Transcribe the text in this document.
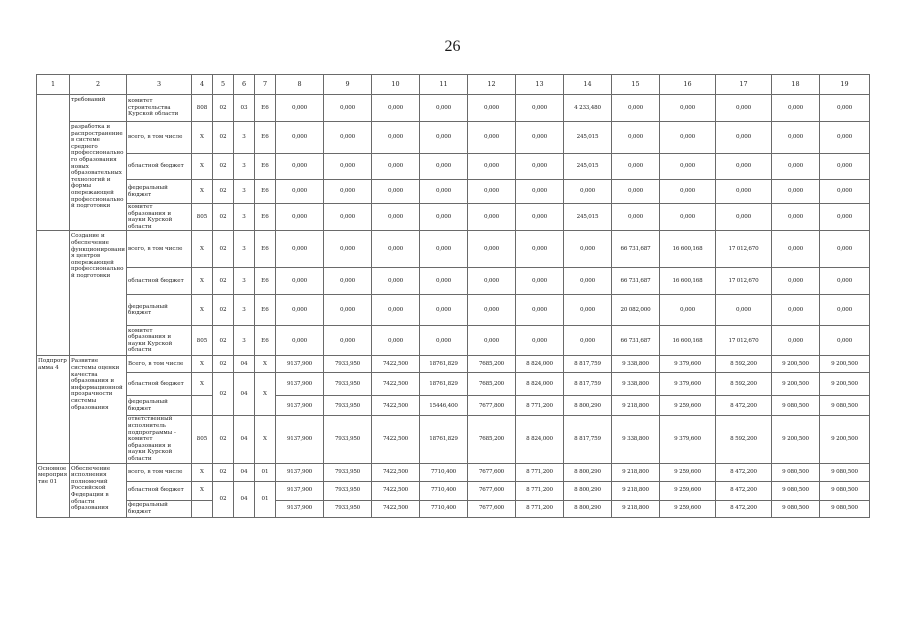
26
1	2	3	4	5	6	7	8	9	10	11	12	13	14	15	16	17	18	19
	требований	комитет строительства Курской области	808	02	03	Е6	0,000	0,000	0,000	0,000	0,000	0,000	4 233,480	0,000	0,000	0,000	0,000	0,000
	разработка и распространение в системе среднего профессионального образования новых образовательных технологий и формы опережающей профессиональной подготовки	всего, в том числе	X	02	3	Е6	0,000	0,000	0,000	0,000	0,000	0,000	245,015	0,000	0,000	0,000	0,000	0,000
		областной бюджет	X	02	3	Е6	0,000	0,000	0,000	0,000	0,000	0,000	245,015	0,000	0,000	0,000	0,000	0,000
		федеральный бюджет	X	02	3	Е6	0,000	0,000	0,000	0,000	0,000	0,000	0,000	0,000	0,000	0,000	0,000	0,000
		комитет образования и науки Курской области	805	02	3	Е6	0,000	0,000	0,000	0,000	0,000	0,000	245,015	0,000	0,000	0,000	0,000	0,000
	Создание и обеспечение функционирования центров опережающей профессиональной подготовки	всего, в том числе	X	02	3	Е6	0,000	0,000	0,000	0,000	0,000	0,000	0,000	66 731,687	16 600,168	17 012,670	0,000	0,000
		областной бюджет	X	02	3	Е6	0,000	0,000	0,000	0,000	0,000	0,000	0,000	66 731,687	16 600,168	17 012,670	0,000	0,000
		федеральный бюджет	X	02	3	Е6	0,000	0,000	0,000	0,000	0,000	0,000	0,000	20 082,000	0,000	0,000	0,000	0,000
		комитет образования и науки Курской области	805	02	3	Е6	0,000	0,000	0,000	0,000	0,000	0,000	0,000	66 731,687	16 600,168	17 012,670	0,000	0,000
Подпрограмма 4	Развитие системы оценки качества образования и информационной прозрачности системы образования	Всего, в том числе	X	02	04	X	9137,900	7933,950	7422,500	18761,829	7685,200	8 824,000	8 817,759	9 338,800	9 379,600	8 592,200	9 200,500	9 200,500
		областной бюджет	X	02	04	X	9137,900	7933,950	7422,500	18761,829	7685,200	8 824,000	8 817,759	9 338,800	9 379,600	8 592,200	9 200,500	9 200,500
		федеральный бюджет					9137,900	7933,950	7422,500	15446,400	7677,800	8 771,200	8 800,290	9 218,800	9 259,600	8 472,200	9 080,500	9 080,500
		ответственный исполнитель подпрограммы - комитет образования и науки Курской области	805	02	04	X	9137,900	7933,950	7422,500	18761,829	7685,200	8 824,000	8 817,759	9 338,800	9 379,600	8 592,200	9 200,500	9 200,500
Основное мероприятие 01	Обеспечение исполнения полномочий Российской Федерации в области образования	всего, в том числе	X	02	04	01	9137,900	7933,950	7422,500	7710,400	7677,600	8 771,200	8 800,290	9 218,800	9 259,600	8 472,200	9 080,500	9 080,500
		областной бюджет	X	02	04	01	9137,900	7933,950	7422,500	7710,400	7677,600	8 771,200	8 800,290	9 218,800	9 259,600	8 472,200	9 080,500	9 080,500
		федеральный бюджет					9137,900	7933,950	7422,500	7710,400	7677,600	8 771,200	8 800,290	9 218,800	9 259,600	8 472,200	9 080,500	9 080,500
